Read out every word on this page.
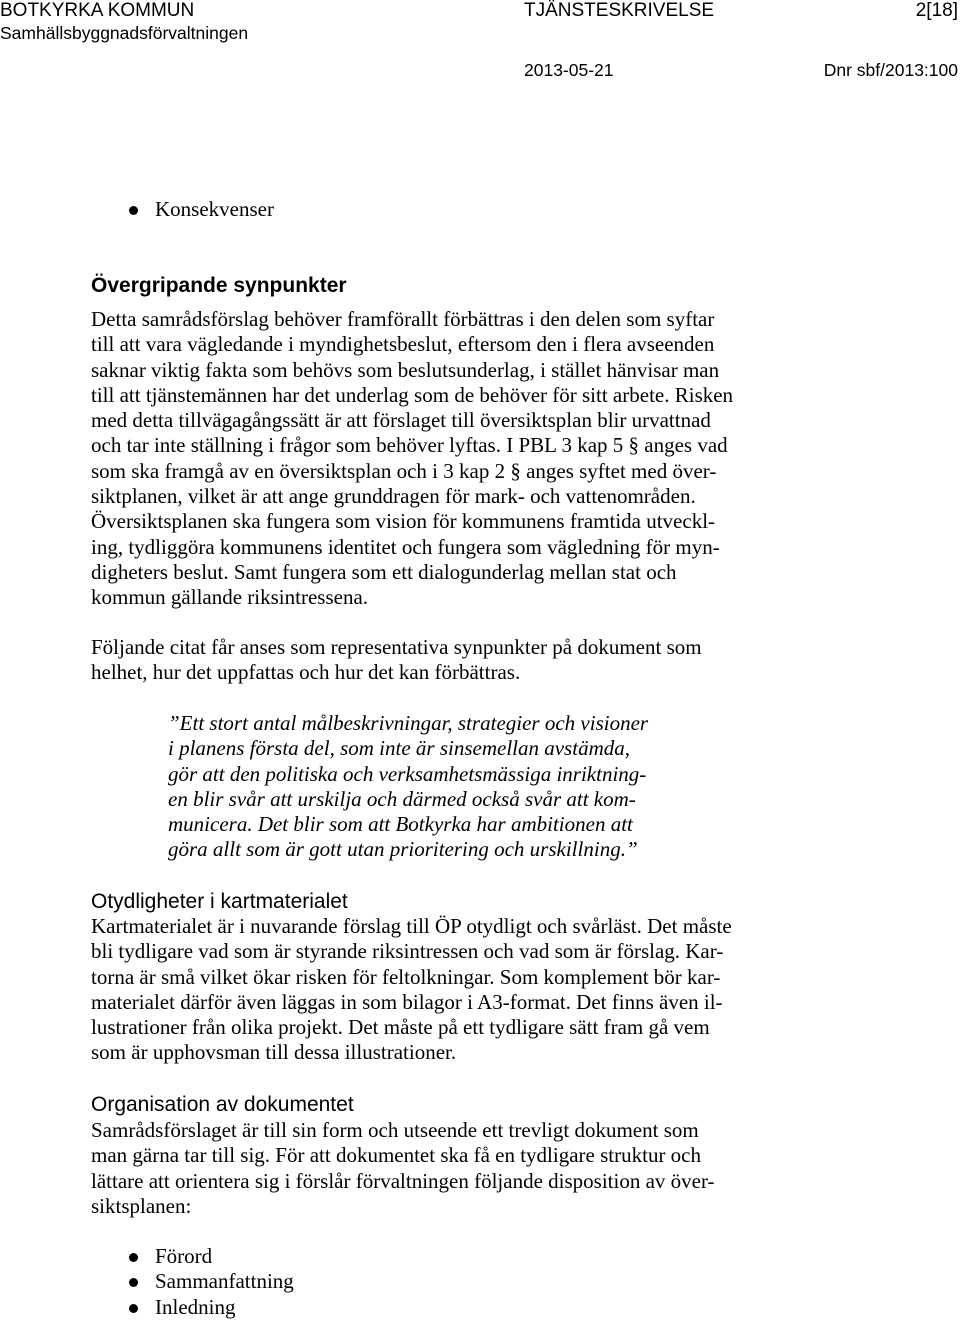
BOTKYRKA KOMMUN	TJÄNSTESKRIVELSE	2[18]
Samhällsbyggnadsförvaltningen
2013-05-21	Dnr sbf/2013:100
Konsekvenser
Övergripande synpunkter
Detta samrådsförslag behöver framförallt förbättras i den delen som syftar
till att vara vägledande i myndighetsbeslut, eftersom den i flera avseenden
saknar viktig fakta som behövs som beslutsunderlag, i stället hänvisar man
till att tjänstemännen har det underlag som de behöver för sitt arbete. Risken
med detta tillvägagångssätt är att förslaget till översiktsplan blir urvattnad
och tar inte ställning i frågor som behöver lyftas. I PBL 3 kap 5 § anges vad
som ska framgå av en översiktsplan och i 3 kap 2 § anges syftet med över-
siktplanen, vilket är att ange grunddragen för mark- och vattenområden.
Översiktsplanen ska fungera som vision för kommunens framtida utveckl-
ing, tydliggöra kommunens identitet och fungera som vägledning för myn-
digheters beslut. Samt fungera som ett dialogunderlag mellan stat och
kommun gällande riksintressena.
Följande citat får anses som representativa synpunkter på dokument som
helhet, hur det uppfattas och hur det kan förbättras.
”Ett stort antal målbeskrivningar, strategier och visioner
i planens första del, som inte är sinsemellan avstämda,
gör att den politiska och verksamhetsmässiga inriktning-
en blir svår att urskilja och därmed också svår att kom-
municera. Det blir som att Botkyrka har ambitionen att
göra allt som är gott utan prioritering och urskillning.”
Otydligheter i kartmaterialet
Kartmaterialet är i nuvarande förslag till ÖP otydligt och svårläst. Det måste
bli tydligare vad som är styrande riksintressen och vad som är förslag. Kar-
torna är små vilket ökar risken för feltolkningar. Som komplement bör kar-
materialet därför även läggas in som bilagor i A3-format. Det finns även il-
lustrationer från olika projekt. Det måste på ett tydligare sätt fram gå vem
som är upphovsman till dessa illustrationer.
Organisation av dokumentet
Samrådsförslaget är till sin form och utseende ett trevligt dokument som
man gärna tar till sig. För att dokumentet ska få en tydligare struktur och
lättare att orientera sig i förslår förvaltningen följande disposition av över-
siktsplanen:
Förord
Sammanfattning
Inledning
